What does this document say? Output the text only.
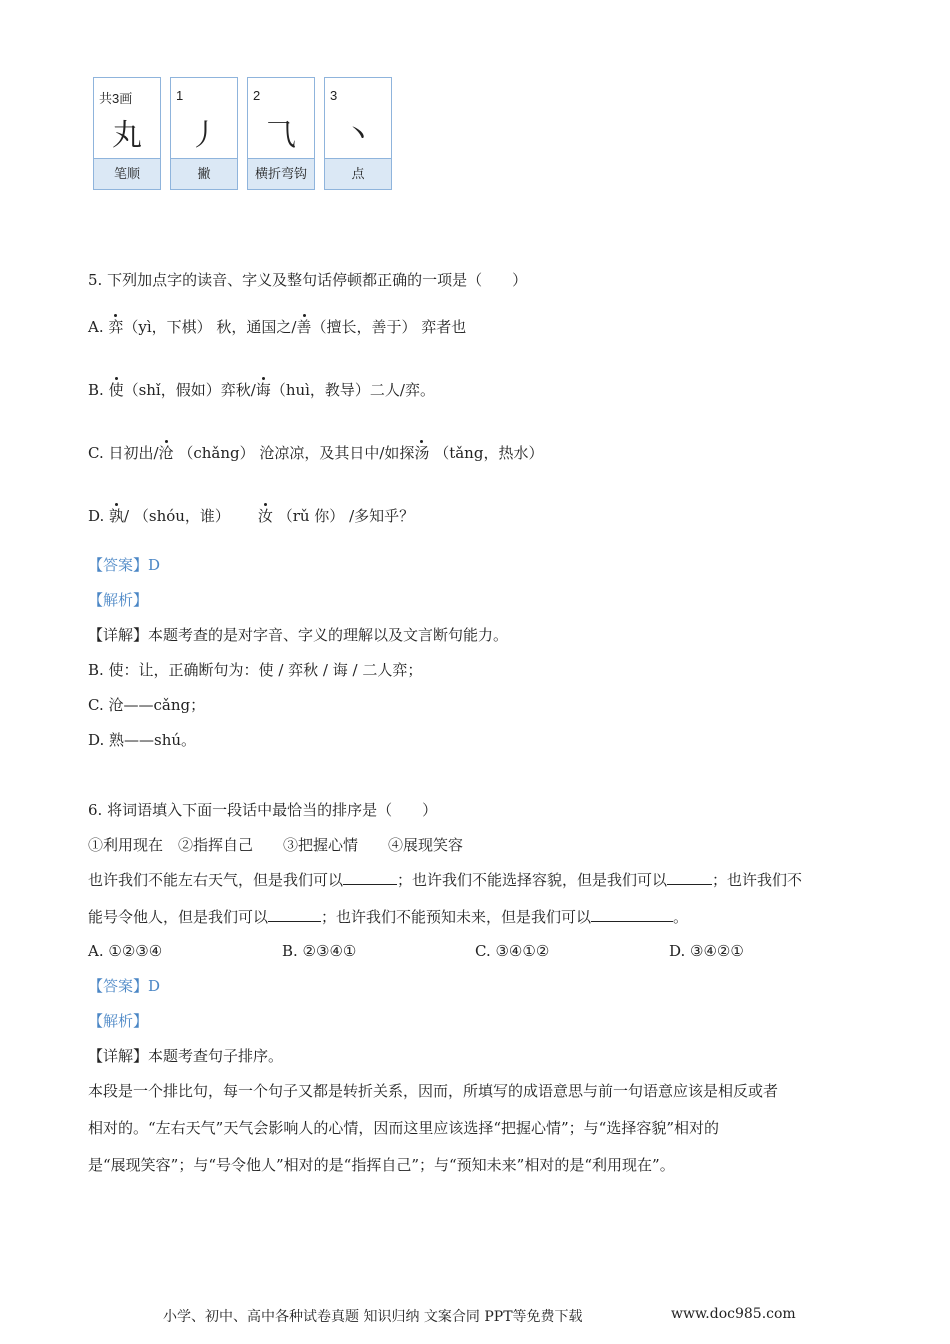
共3画
丸
笔顺
1
丿
撇
2
⺄
横折弯钩
3
丶
点
5. 下列加点字的读音、字义及整句话停顿都正确的一项是（　　）
A. 弈（yì，下棋） 秋，通国之/善（擅长，善于） 弈者也
B. 使（shǐ，假如）弈秋/诲（huì，教导）二人/弈。
C. 日初出/沧 （chǎng） 沧凉凉，及其日中/如探汤 （tǎng，热水）
D. 孰/ （shóu，谁） 汝 （rǔ 你） /多知乎？
【答案】D
【解析】
【详解】本题考查的是对字音、字义的理解以及文言断句能力。
B. 使：让，正确断句为：使 / 弈秋 / 诲 / 二人弈；
C. 沧——cǎng；
D. 熟——shú。
6. 将词语填入下面一段话中最恰当的排序是（　　）
①利用现在　②指挥自己　　③把握心情　　④展现笑容
也许我们不能左右天气，但是我们可以	；也许我们不能选择容貌，但是我们可以	；也许我们不
能号令他人，但是我们可以	；也许我们不能预知未来，但是我们可以	。
A. ①②③④	B. ②③④①	C. ③④①②	D. ③④②①
【答案】D
【解析】
【详解】本题考查句子排序。
本段是一个排比句，每一个句子又都是转折关系，因而，所填写的成语意思与前一句语意应该是相反或者
相对的。“左右天气”天气会影响人的心情，因而这里应该选择“把握心情”；与“选择容貌”相对的
是“展现笑容”；与“号令他人”相对的是“指挥自己”；与“预知未来”相对的是“利用现在”。
小学、初中、高中各种试卷真题 知识归纳 文案合同 PPT等免费下载	www.doc985.com
